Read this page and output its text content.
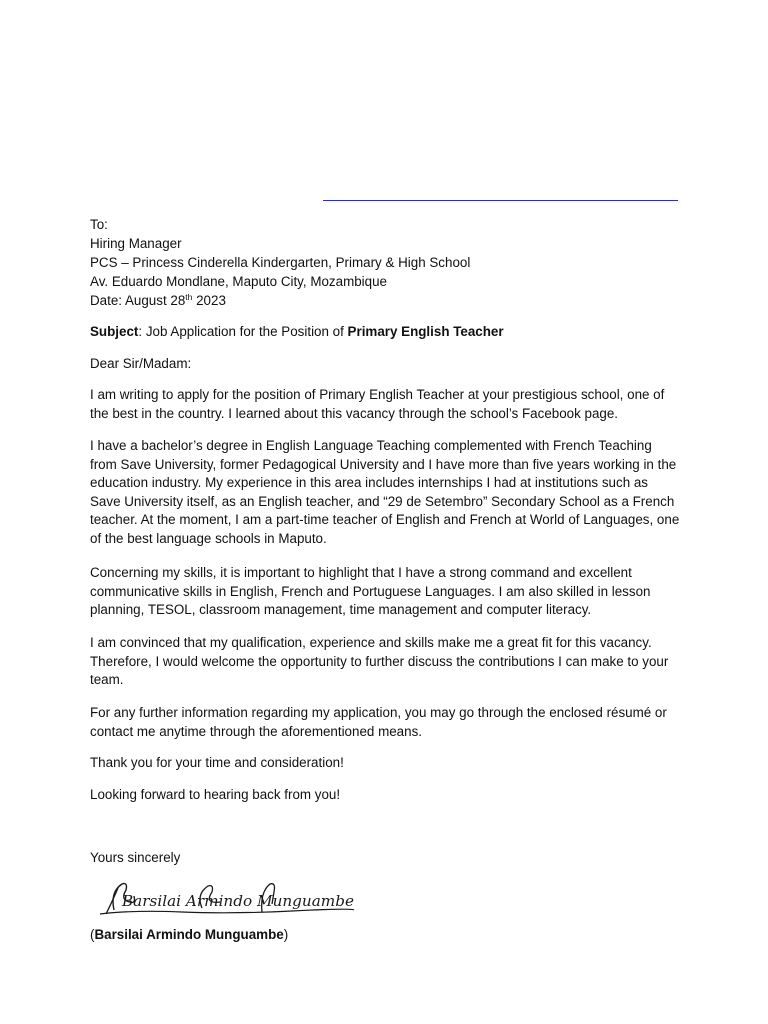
To:
Hiring Manager
PCS – Princess Cinderella Kindergarten, Primary & High School
Av. Eduardo Mondlane, Maputo City, Mozambique
Date: August 28th 2023
Subject: Job Application for the Position of Primary English Teacher
Dear Sir/Madam:
I am writing to apply for the position of Primary English Teacher at your prestigious school, one of the best in the country. I learned about this vacancy through the school’s Facebook page.
I have a bachelor’s degree in English Language Teaching complemented with French Teaching from Save University, former Pedagogical University and I have more than five years working in the education industry. My experience in this area includes internships I had at institutions such as Save University itself, as an English teacher, and “29 de Setembro” Secondary School as a French teacher. At the moment, I am a part-time teacher of English and French at World of Languages, one of the best language schools in Maputo.
Concerning my skills, it is important to highlight that I have a strong command and excellent communicative skills in English, French and Portuguese Languages. I am also skilled in lesson planning, TESOL, classroom management, time management and computer literacy.
I am convinced that my qualification, experience and skills make me a great fit for this vacancy. Therefore, I would welcome the opportunity to further discuss the contributions I can make to your team.
For any further information regarding my application, you may go through the enclosed résumé or contact me anytime through the aforementioned means.
Thank you for your time and consideration!
Looking forward to hearing back from you!
Yours sincerely
Barsilai Armindo Munguambe
(Barsilai Armindo Munguambe)
